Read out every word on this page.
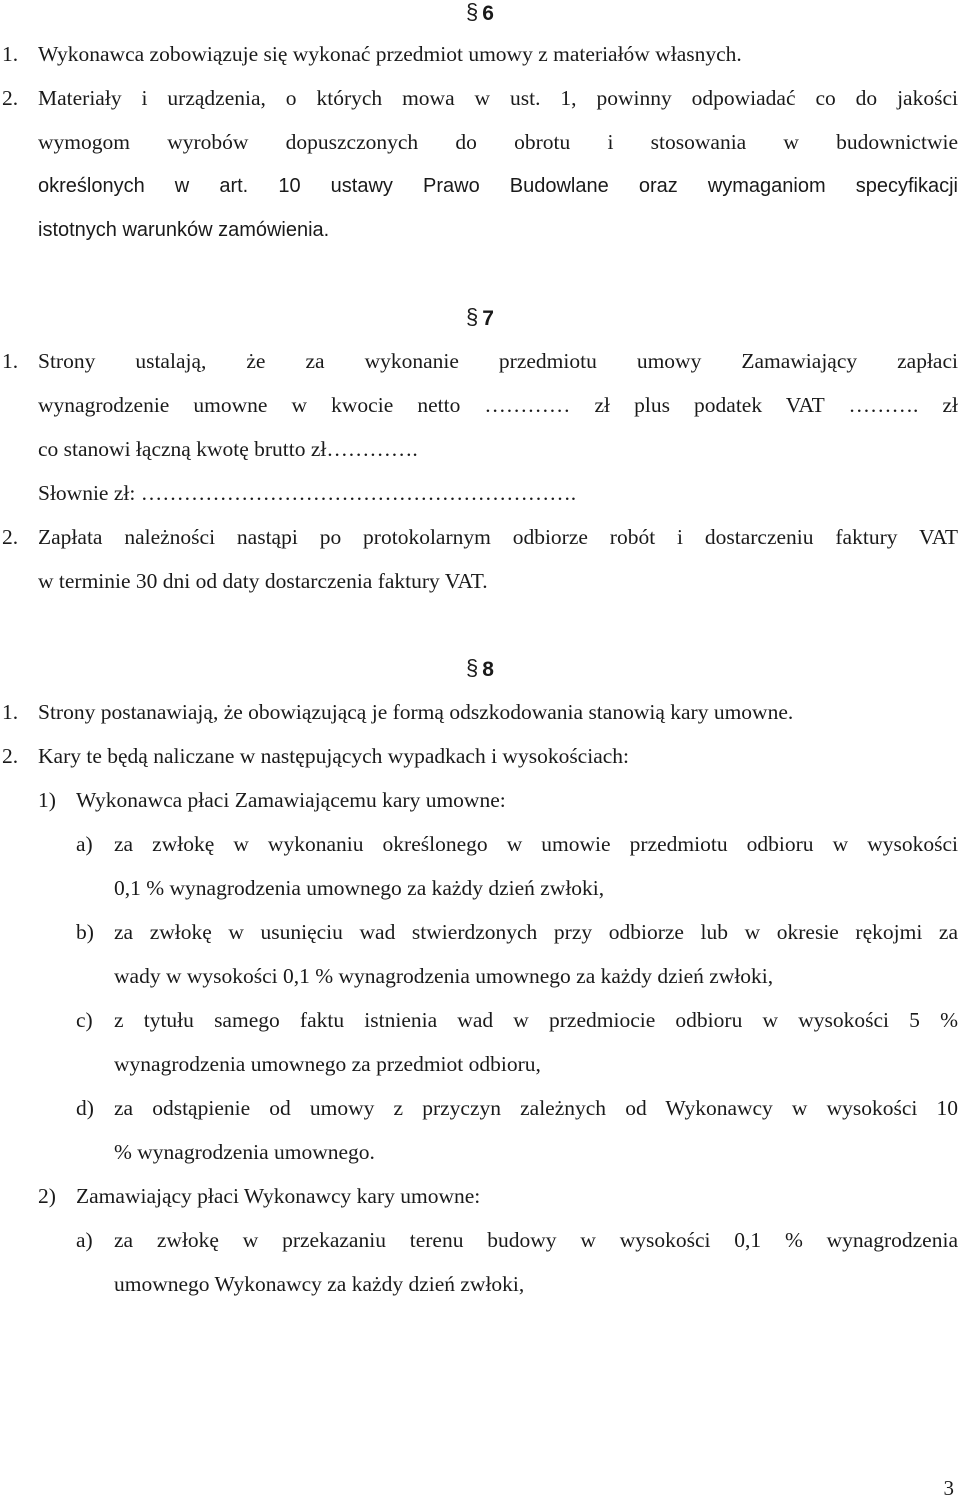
§ 6
1. Wykonawca zobowiązuje się wykonać przedmiot umowy z materiałów własnych.
2. Materiały i urządzenia, o których mowa w ust. 1, powinny odpowiadać co do jakości
wymogom wyrobów dopuszczonych do obrotu i stosowania w budownictwie
określonych w art. 10 ustawy Prawo Budowlane oraz wymaganiom specyfikacji
istotnych warunków zamówienia.
§ 7
1. Strony ustalają, że za wykonanie przedmiotu umowy Zamawiający zapłaci
wynagrodzenie umowne w kwocie netto ………… zł plus podatek VAT ………. zł
co stanowi łączną kwotę brutto zł………….
Słownie zł: …………………………………………………….
2. Zapłata należności nastąpi po protokolarnym odbiorze robót i dostarczeniu faktury VAT
w terminie 30 dni od daty dostarczenia faktury VAT.
§ 8
1. Strony postanawiają, że obowiązującą je formą odszkodowania stanowią kary umowne.
2. Kary te będą naliczane w następujących wypadkach i wysokościach:
1) Wykonawca płaci Zamawiającemu kary umowne:
a) za zwłokę w wykonaniu określonego w umowie przedmiotu odbioru w wysokości
0,1 % wynagrodzenia umownego za każdy dzień zwłoki,
b) za zwłokę w usunięciu wad stwierdzonych przy odbiorze lub w okresie rękojmi za
wady w wysokości 0,1 % wynagrodzenia umownego za każdy dzień zwłoki,
c) z tytułu samego faktu istnienia wad w przedmiocie odbioru w wysokości 5 %
wynagrodzenia umownego za przedmiot odbioru,
d) za odstąpienie od umowy z przyczyn zależnych od Wykonawcy w wysokości 10
% wynagrodzenia umownego.
2) Zamawiający płaci Wykonawcy kary umowne:
a) za zwłokę w przekazaniu terenu budowy w wysokości 0,1 % wynagrodzenia
umownego Wykonawcy za każdy dzień zwłoki,
3
